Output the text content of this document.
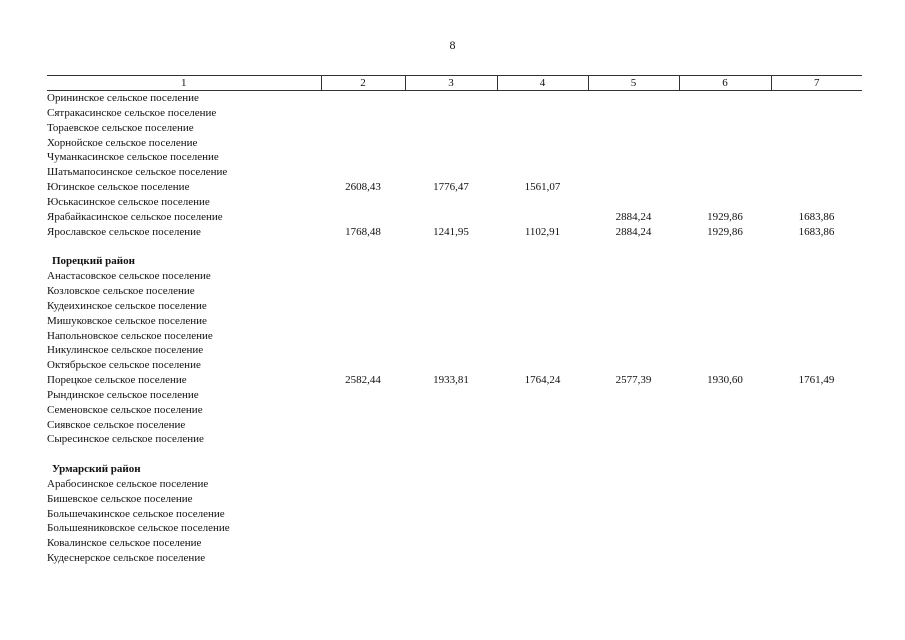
8
1	2	3	4	5	6	7
Орининское сельское поселение						
Сятракасинское сельское поселение						
Тораевское сельское поселение						
Хорнойское сельское поселение						
Чуманкасинское сельское поселение						
Шатьмапосинское сельское поселение						
Югинское сельское поселение	2608,43	1776,47	1561,07			
Юськасинское сельское поселение						
Ярабайкасинское сельское поселение				2884,24	1929,86	1683,86
Ярославское сельское поселение	1768,48	1241,95	1102,91	2884,24	1929,86	1683,86

Порецкий район						
Анастасовское сельское поселение						
Козловское сельское поселение						
Кудеихинское сельское поселение						
Мишуковское сельское поселение						
Напольновское сельское поселение						
Никулинское сельское поселение						
Октябрьское сельское поселение						
Порецкое сельское поселение	2582,44	1933,81	1764,24	2577,39	1930,60	1761,49
Рындинское сельское поселение						
Семеновское сельское поселение						
Сиявское сельское поселение						
Сыресинское сельское поселение						

Урмарский район						
Арабосинское сельское поселение						
Бишевское сельское поселение						
Большечакинское сельское поселение						
Большеяниковское сельское поселение						
Ковалинское сельское поселение						
Кудеснерское сельское поселение						
